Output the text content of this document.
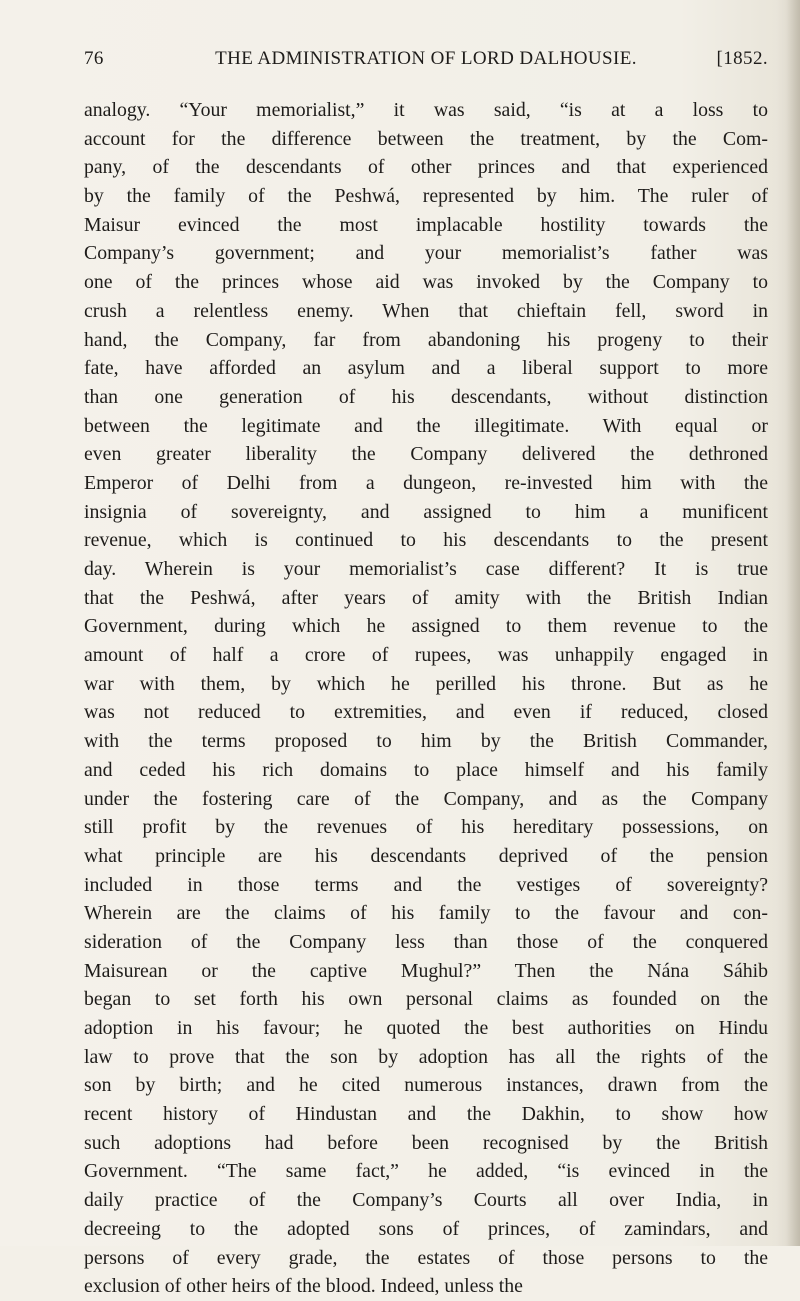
76	THE ADMINISTRATION OF LORD DALHOUSIE.	[1852.
analogy. “Your memorialist,” it was said, “is at a loss to
account for the difference between the treatment, by the Com-
pany, of the descendants of other princes and that experienced
by the family of the Peshwá, represented by him. The ruler of
Maisur evinced the most implacable hostility towards the
Company’s government; and your memorialist’s father was
one of the princes whose aid was invoked by the Company to
crush a relentless enemy. When that chieftain fell, sword in
hand, the Company, far from abandoning his progeny to their
fate, have afforded an asylum and a liberal support to more
than one generation of his descendants, without distinction
between the legitimate and the illegitimate. With equal or
even greater liberality the Company delivered the dethroned
Emperor of Delhi from a dungeon, re-invested him with the
insignia of sovereignty, and assigned to him a munificent
revenue, which is continued to his descendants to the present
day. Wherein is your memorialist’s case different? It is true
that the Peshwá, after years of amity with the British Indian
Government, during which he assigned to them revenue to the
amount of half a crore of rupees, was unhappily engaged in
war with them, by which he perilled his throne. But as he
was not reduced to extremities, and even if reduced, closed
with the terms proposed to him by the British Commander,
and ceded his rich domains to place himself and his family
under the fostering care of the Company, and as the Company
still profit by the revenues of his hereditary possessions, on
what principle are his descendants deprived of the pension
included in those terms and the vestiges of sovereignty?
Wherein are the claims of his family to the favour and con-
sideration of the Company less than those of the conquered
Maisurean or the captive Mughul?” Then the Nána Sáhib
began to set forth his own personal claims as founded on the
adoption in his favour; he quoted the best authorities on Hindu
law to prove that the son by adoption has all the rights of the
son by birth; and he cited numerous instances, drawn from the
recent history of Hindustan and the Dakhin, to show how
such adoptions had before been recognised by the British
Government. “The same fact,” he added, “is evinced in the
daily practice of the Company’s Courts all over India, in
decreeing to the adopted sons of princes, of zamindars, and
persons of every grade, the estates of those persons to the
exclusion of other heirs of the blood. Indeed, unless the
